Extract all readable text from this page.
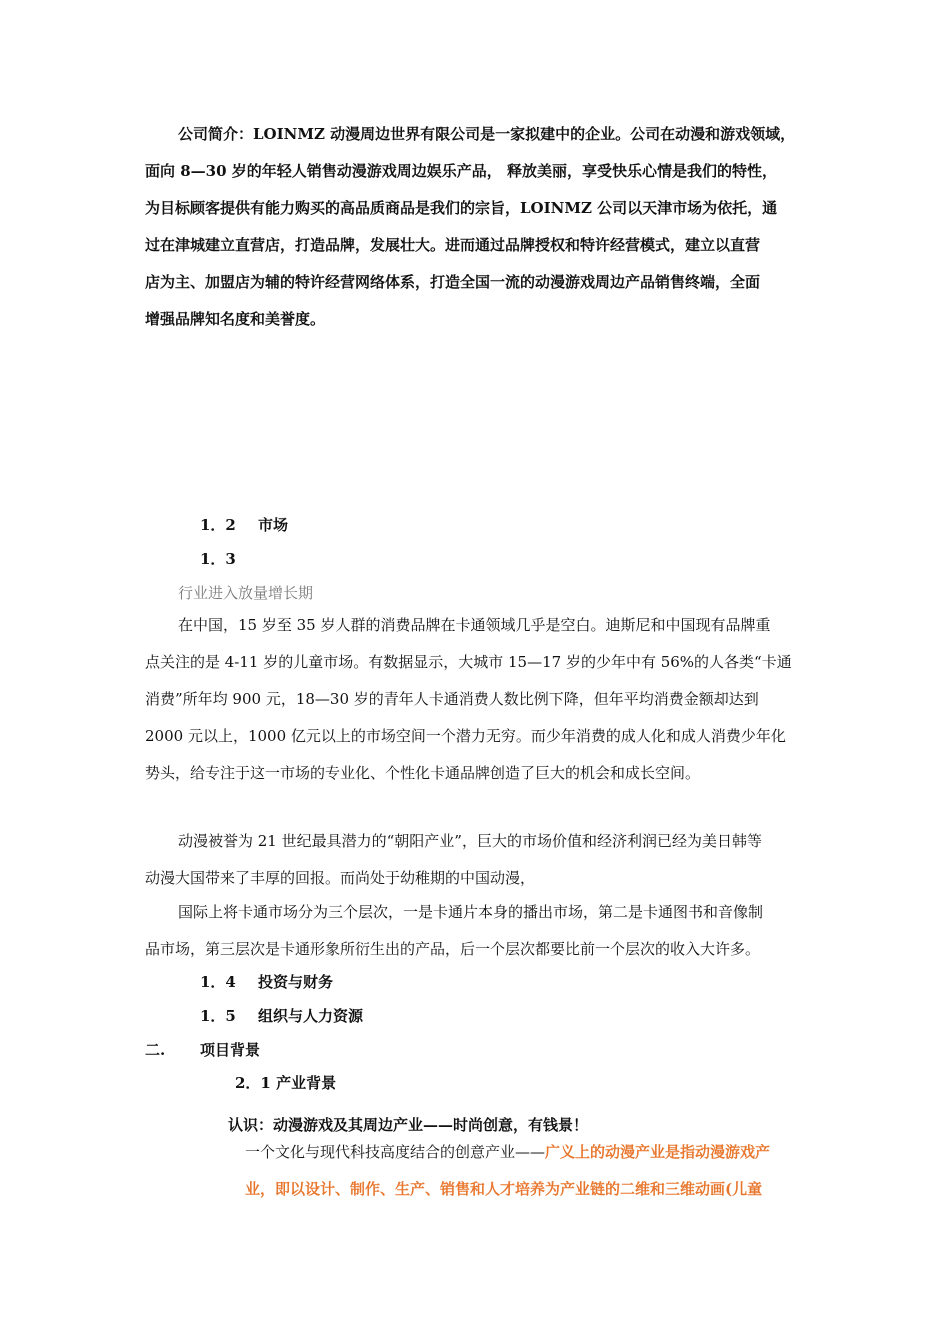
公司简介：LOINMZ 动漫周边世界有限公司是一家拟建中的企业。公司在动漫和游戏领域，
面向 8—30 岁的年轻人销售动漫游戏周边娱乐产品， 释放美丽，享受快乐心情是我们的特性，
为目标顾客提供有能力购买的高品质商品是我们的宗旨，LOINMZ 公司以天津市场为依托，通
过在津城建立直营店，打造品牌，发展壮大。进而通过品牌授权和特许经营模式，建立以直营
店为主、加盟店为辅的特许经营网络体系，打造全国一流的动漫游戏周边产品销售终端，全面
增强品牌知名度和美誉度。
1．2 市场
1．3
行业进入放量增长期
在中国，15 岁至 35 岁人群的消费品牌在卡通领域几乎是空白。迪斯尼和中国现有品牌重
点关注的是 4-11 岁的儿童市场。有数据显示，大城市 15—17 岁的少年中有 56%的人各类“卡通
消费”所年均 900 元，18—30 岁的青年人卡通消费人数比例下降，但年平均消费金额却达到
2000 元以上，1000 亿元以上的市场空间一个潜力无穷。而少年消费的成人化和成人消费少年化
势头，给专注于这一市场的专业化、个性化卡通品牌创造了巨大的机会和成长空间。
动漫被誉为 21 世纪最具潜力的“朝阳产业”，巨大的市场价值和经济利润已经为美日韩等
动漫大国带来了丰厚的回报。而尚处于幼稚期的中国动漫，
国际上将卡通市场分为三个层次，一是卡通片本身的播出市场，第二是卡通图书和音像制
品市场，第三层次是卡通形象所衍生出的产品，后一个层次都要比前一个层次的收入大许多。
1．4 投资与财务
1．5 组织与人力资源
二. 项目背景
2．1 产业背景
认识：动漫游戏及其周边产业——时尚创意，有钱景！
一个文化与现代科技高度结合的创意产业——广义上的动漫产业是指动漫游戏产
业，即以设计、制作、生产、销售和人才培养为产业链的二维和三维动画(儿童
